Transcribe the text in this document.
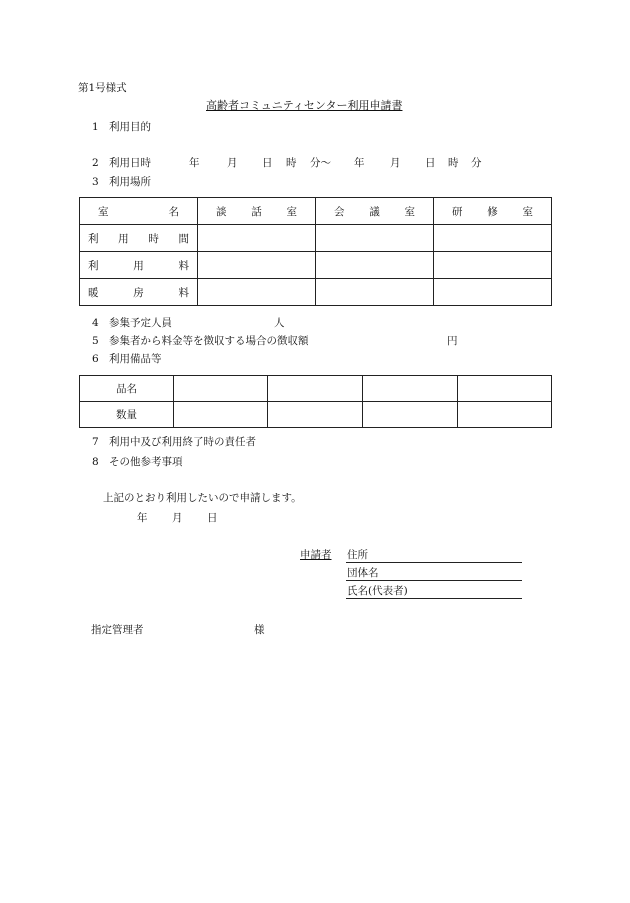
第1号様式
高齢者コミュニティセンター利用申請書
1 利用目的
2 利用日時	年	月 日 時 分〜 年 月 日 時 分
3 利用場所
室 名	談 話 室	会 議 室	研 修 室

利 用 時 間			

利 用 料			

暖 房 料			

4 参集予定人員	人
5 参集者から料金等を徴収する場合の徴収額	円
6 利用備品等
品名				
数量				
7 利用中及び利用終了時の責任者
8 その他参考事項
上記のとおり利用したいので申請します。
年 月 日
申請者 住所
団体名
氏名(代表者)
指定管理者	様
